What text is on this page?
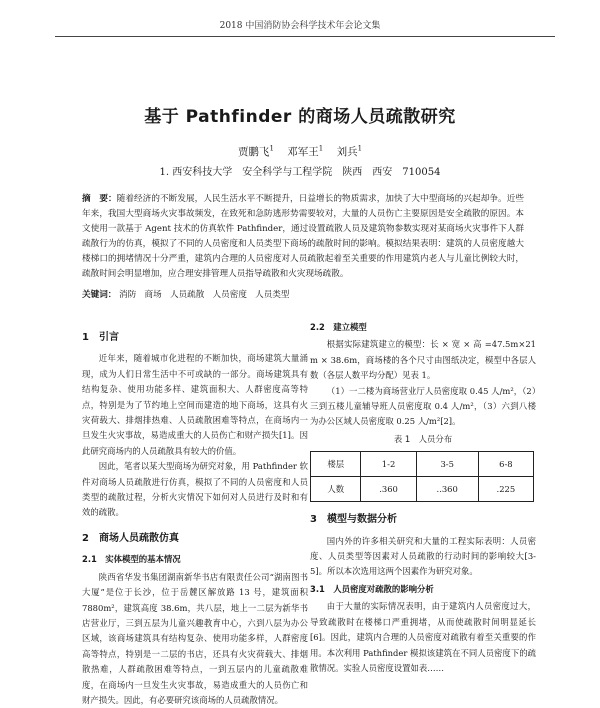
2018 中国消防协会科学技术年会论文集
基于 Pathfinder 的商场人员疏散研究
贾鹏飞$^1$ 邓军王$^1$ 刘兵$^1$
1. 西安科技大学　安全科学与工程学院　陕西　西安　710054
摘　要：随着经济的不断发展，人民生活水平不断提升，日益增长的物质需求，加快了大中型商场的兴起却争。近些年来，我国大型商场火灾事故频发，在致死和急防逃形势需要较对，大量的人员伤亡主要原因是安全疏散的原因。本文使用一款基于 Agent 技术的仿真软件 Pathfinder，通过设置疏散人员及建筑物参数实现对某商场火灾事件下人群疏散行为的仿真，模拟了不同的人员密度和人员类型下商场的疏散时间的影响。模拟结果表明：建筑的人员密度越大楼梯口的拥堵情况十分严重，建筑内合理的人员密度对人员疏散起着至关重要的作用建筑内老人与儿童比例较大时，疏散时间会明显增加，应合理安排管理人员指导疏散和火灾现场疏散。
关键词： 消防 商场 人员疏散 人员密度 人员类型
1　引言

近年来，随着城市化进程的不断加快，商场建筑大量涌现，成为人们日常生活中不可或缺的一部分。商场建筑具有结构复杂、使用功能多样、建筑面积大、人群密度高等特点，特别是为了节约地上空间而建造的地下商场，这具有火灾荷载大、排烟排热难、人员疏散困难等特点，在商场内一旦发生火灾事故，易造成重大的人员伤亡和财产损失[1]。因此研究商场内的人员疏散具有较大的价值。

因此，笔者以某大型商场为研究对象，用 Pathfinder 软件对商场人员疏散进行仿真，模拟了不同的人员密度和人员类型的疏散过程，分析火灾情况下如何对人员进行及时和有效的疏散。

2　商场人员疏散仿真
2.1　实体模型的基本情况

陕西省华发书集团湖南新华书店有限责任公司“湖南图书大厦”是位于长沙，位于岳麓区解放路 13 号，建筑面积 7880m²，建筑高度 38.6m，共八层，地上一二层为新华书店营业厅，三到五层为儿童兴趣教育中心，六到八层为办公区域，该商场建筑具有结构复杂、使用功能多样，人群密度高等特点，特别是一二层的书店，还具有火灾荷载大、排烟散热难，人群疏散困难等特点，一到五层内的儿童疏散难度，在商场内一旦发生火灾事故，易造成重大的人员伤亡和财产损失。因此，有必要研究该商场的人员疏散情况。

2.2　建立模型

根据实际建筑建立的模型：长 × 宽 × 高 =47.5m×21 m × 38.6m，商场楼的各个尺寸由图纸决定，模型中各层人数（各层人数平均分配）见表 1。

（1）一二楼为商场营业厅人员密度取 0.45 人/m²，（2）三到五楼儿童辅导班人员密度取 0.4 人/m²，（3）六到八楼为办公区域人员密度取 0.25 人/m²[2]。

表 1　人员分布
楼层	1-2	3-5	6-8
人数	.360	..360	.225
3　模型与数据分析

国内外的许多相关研究和大量的工程实际表明：人员密度、人员类型等因素对人员疏散的行动时间的影响较大[3-5]。所以本次选用这两个因素作为研究对象。

3.1　人员密度对疏散的影响分析

由于大量的实际情况表明，由于建筑内人员密度过大，导致疏散时在楼梯口严重拥堵，从而使疏散时间明显延长[6]。因此，建筑内合理的人员密度对疏散有着至关重要的作用。本次利用 Pathfinder 模拟该建筑在不同人员密度下的疏散情况。实验人员密度设置如表……
